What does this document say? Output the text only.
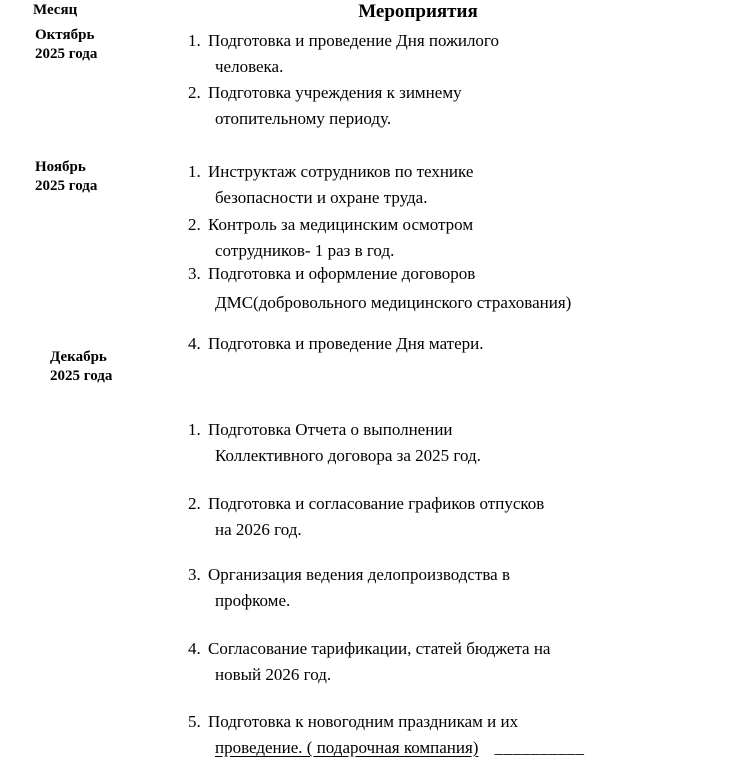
Месяц	Мероприятия
Октябрь
2025 года
Ноябрь
2025 года
Декабрь
2025 года
1. Подготовка и проведение Дня пожилого
человека.
2. Подготовка учреждения к зимнему
отопительному периоду.
1. Инструктаж сотрудников по технике
безопасности и охране труда.
2. Контроль за медицинским осмотром
сотрудников- 1 раз в год.
3. Подготовка и оформление договоров
ДМС(добровольного медицинского страхования)
4. Подготовка и проведение Дня матери.
1. Подготовка Отчета о выполнении
Коллективного договора за 2025 год.
2. Подготовка и согласование графиков отпусков
на 2026 год.
3. Организация ведения делопроизводства в
профкоме.
4. Согласование тарификации, статей бюджета на
новый 2026 год.
5. Подготовка к новогодним праздникам и их
проведение. ( подарочная компания) __________
